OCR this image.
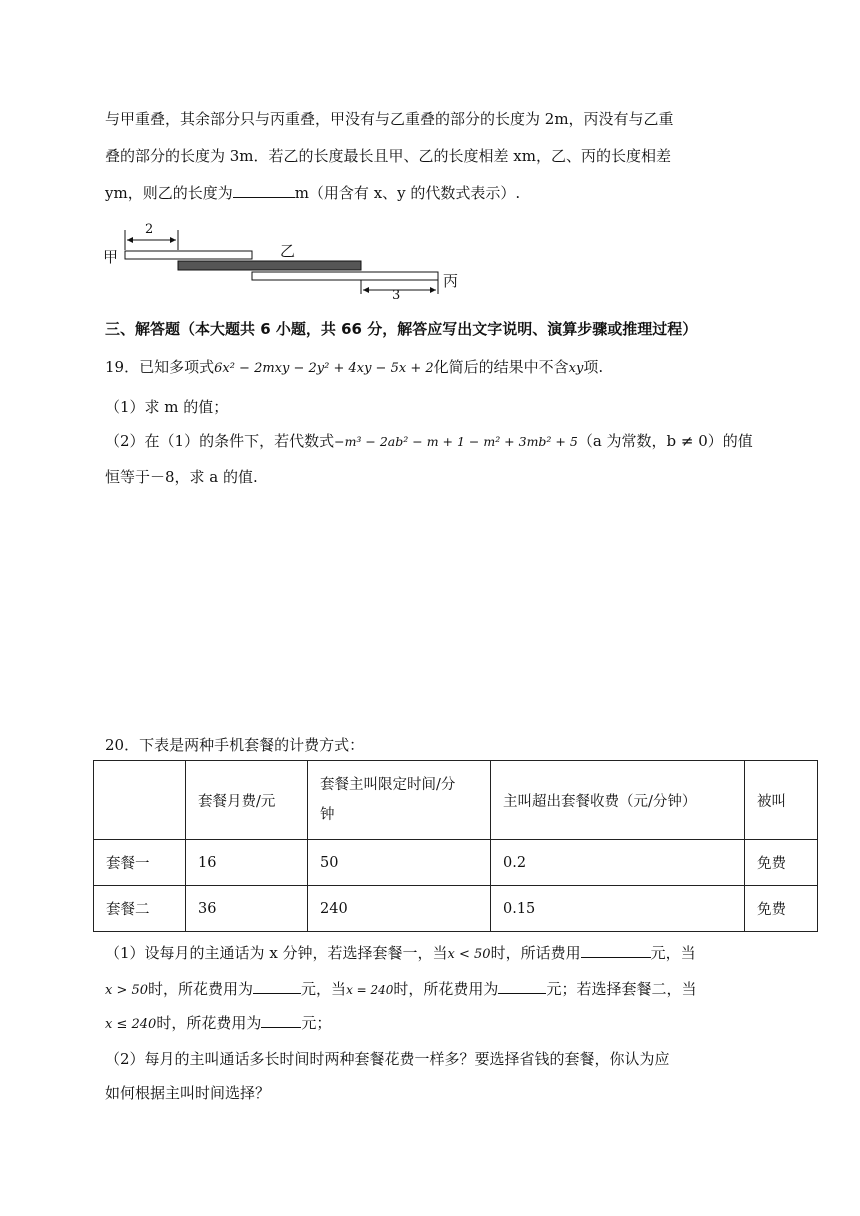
与甲重叠，其余部分只与丙重叠，甲没有与乙重叠的部分的长度为 2m，丙没有与乙重
叠的部分的长度为 3m．若乙的长度最长且甲、乙的长度相差 xm，乙、丙的长度相差
ym，则乙的长度为	m（用含有 x、y 的代数式表示）.
甲
2
乙
丙
3
三、解答题（本大题共 6 小题，共 66 分，解答应写出文字说明、演算步骤或推理过程）
19．已知多项式6x² − 2mxy − 2y² + 4xy − 5x + 2化简后的结果中不含xy项.
（1）求 m 的值；
（2）在（1）的条件下，若代数式−m³ − 2ab² − m + 1 − m² + 3mb² + 5（a 为常数，b ≠ 0）的值
恒等于－8，求 a 的值.
20．下表是两种手机套餐的计费方式：
	套餐月费/元	套餐主叫限定时间/分
钟	主叫超出套餐收费（元/分钟）	被叫
套餐一	16	50	0.2	免费
套餐二	36	240	0.15	免费
（1）设每月的主通话为 x 分钟，若选择套餐一，当x < 50时，所话费用	元，当
x > 50时，所花费用为	元，当x = 240时，所花费用为	元；若选择套餐二，当
x ≤ 240时，所花费用为	元；
（2）每月的主叫通话多长时间时两种套餐花费一样多？要选择省钱的套餐，你认为应
如何根据主叫时间选择？
